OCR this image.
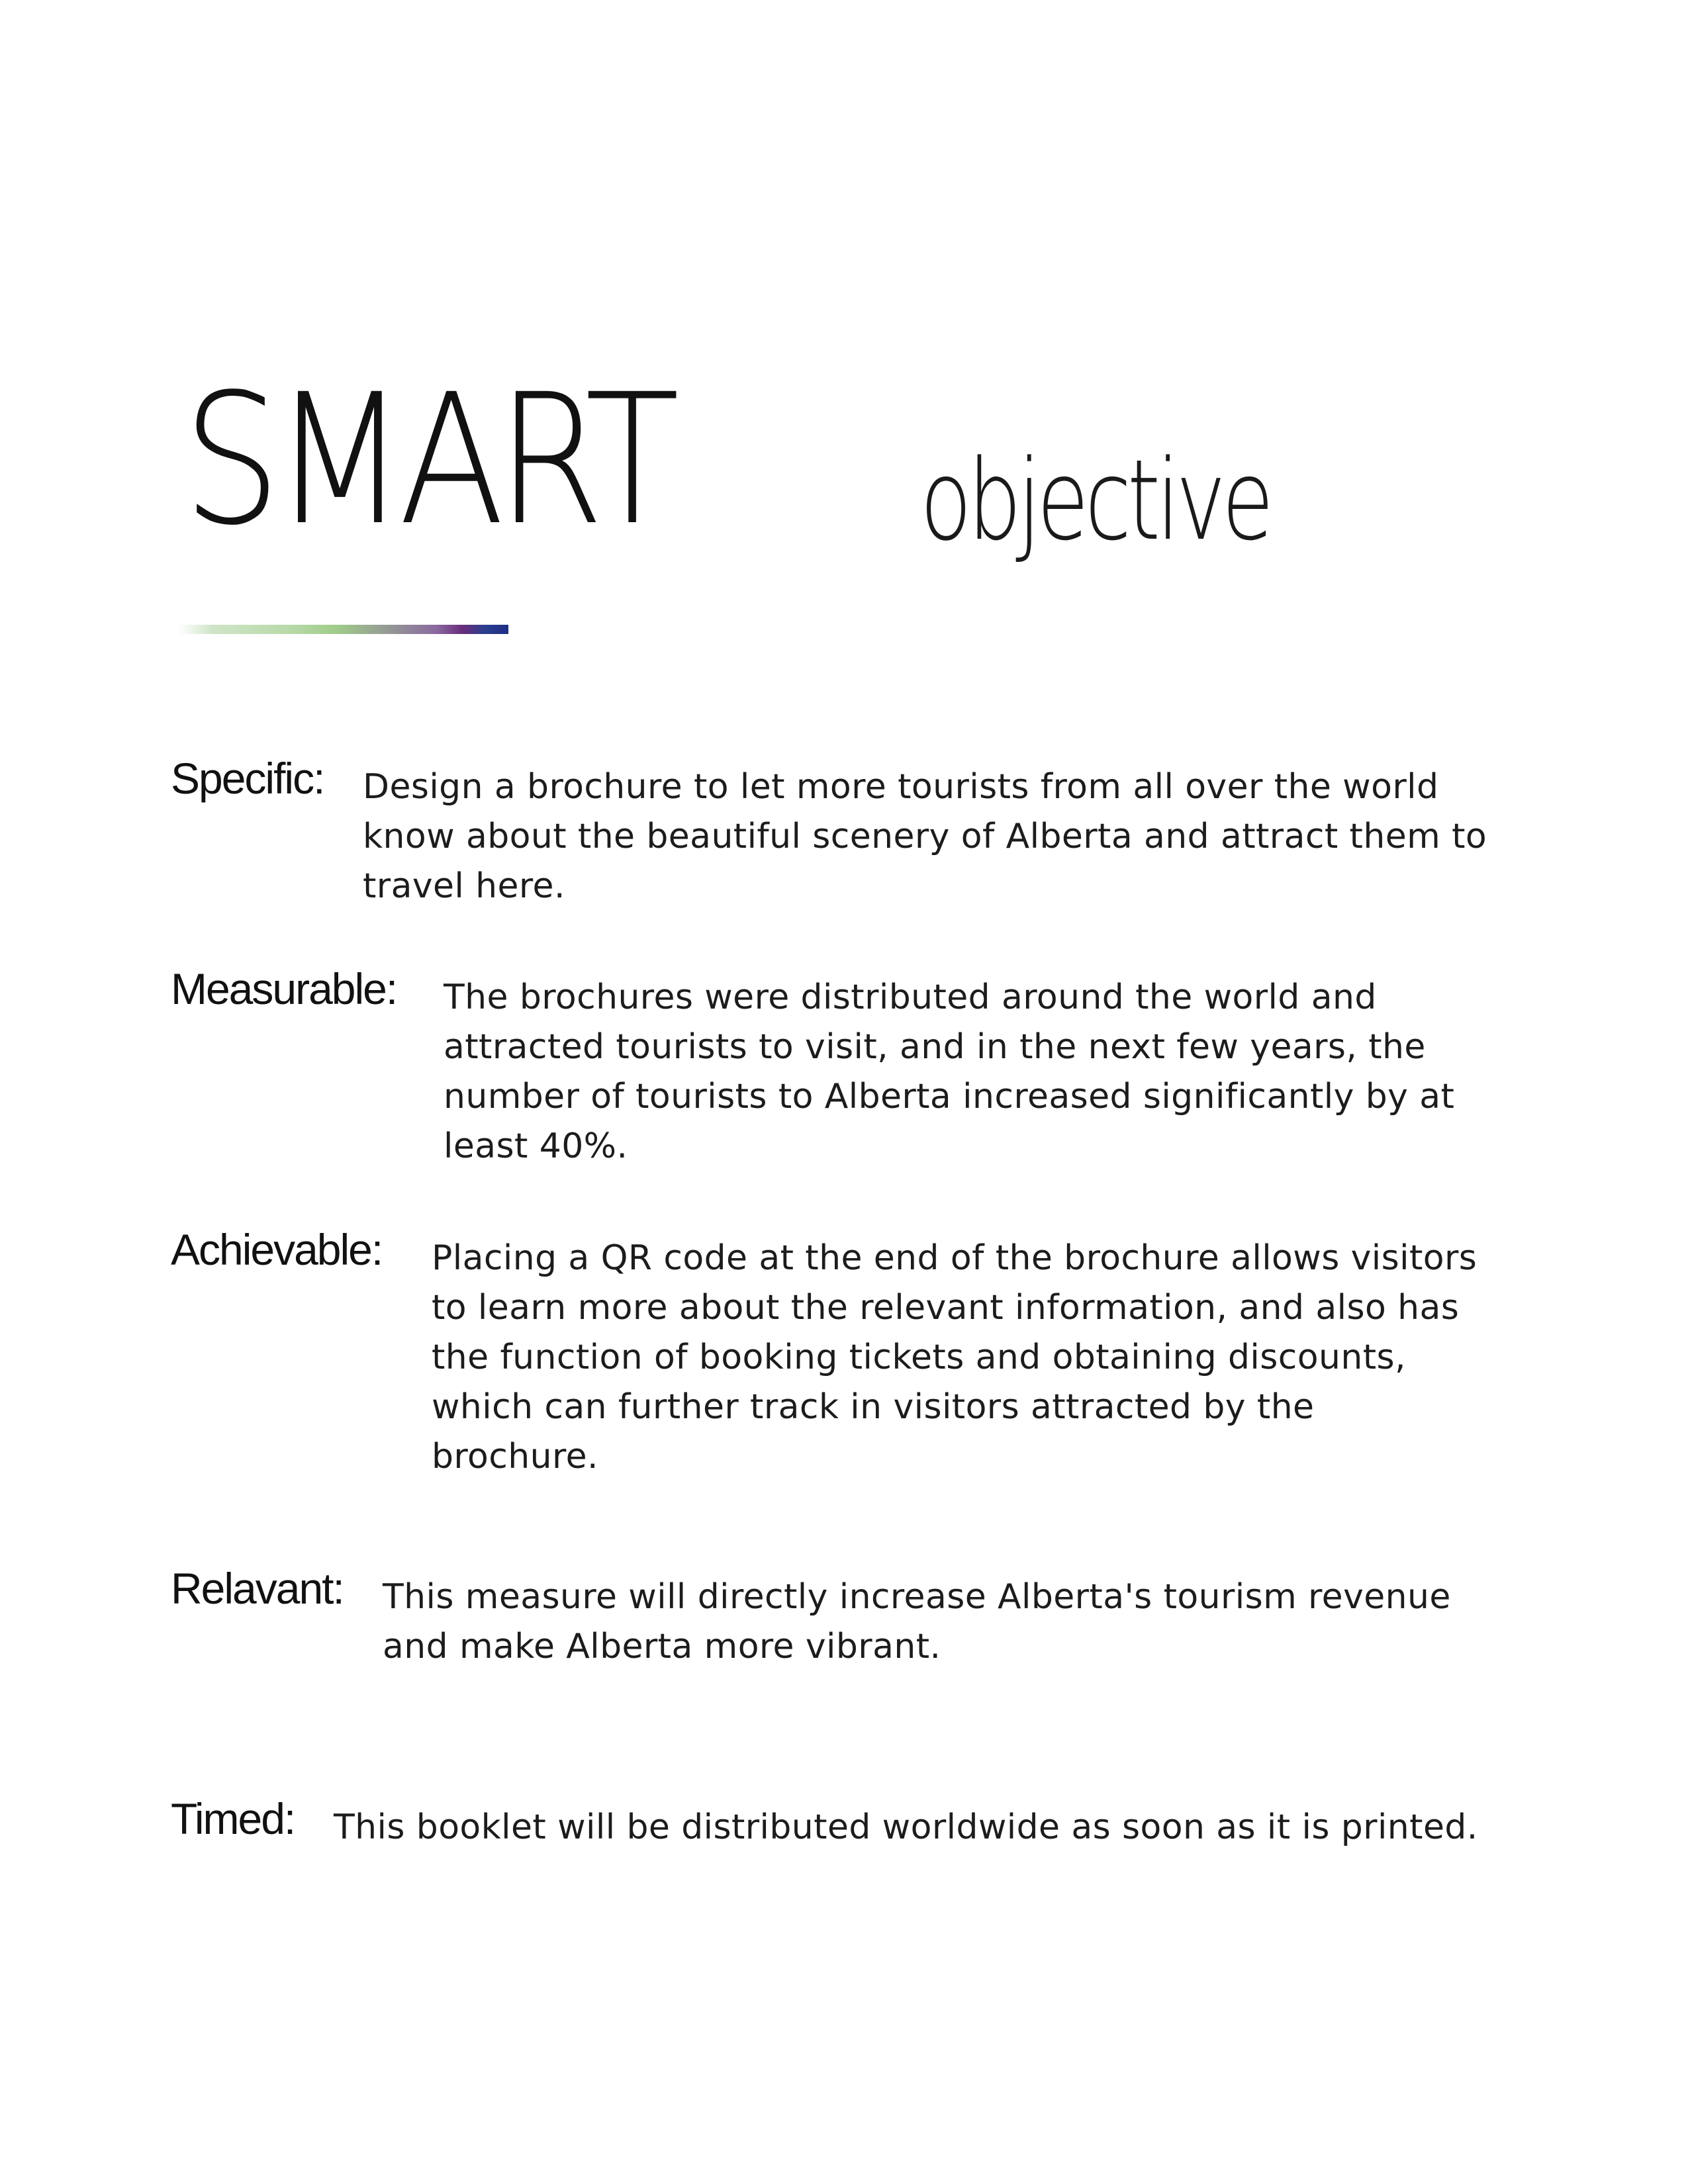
SMART objective
Specific: Design a brochure to let more tourists from all over the world
know about the beautiful scenery of Alberta and attract them to
travel here.
Measurable: The brochures were distributed around the world and
attracted tourists to visit, and in the next few years, the
number of tourists to Alberta increased significantly by at
least 40%.
Achievable: Placing a QR code at the end of the brochure allows visitors
to learn more about the relevant information, and also has
the function of booking tickets and obtaining discounts,
which can further track in visitors attracted by the
brochure.
Relavant: This measure will directly increase Alberta's tourism revenue
and make Alberta more vibrant.
Timed: This booklet will be distributed worldwide as soon as it is printed.
